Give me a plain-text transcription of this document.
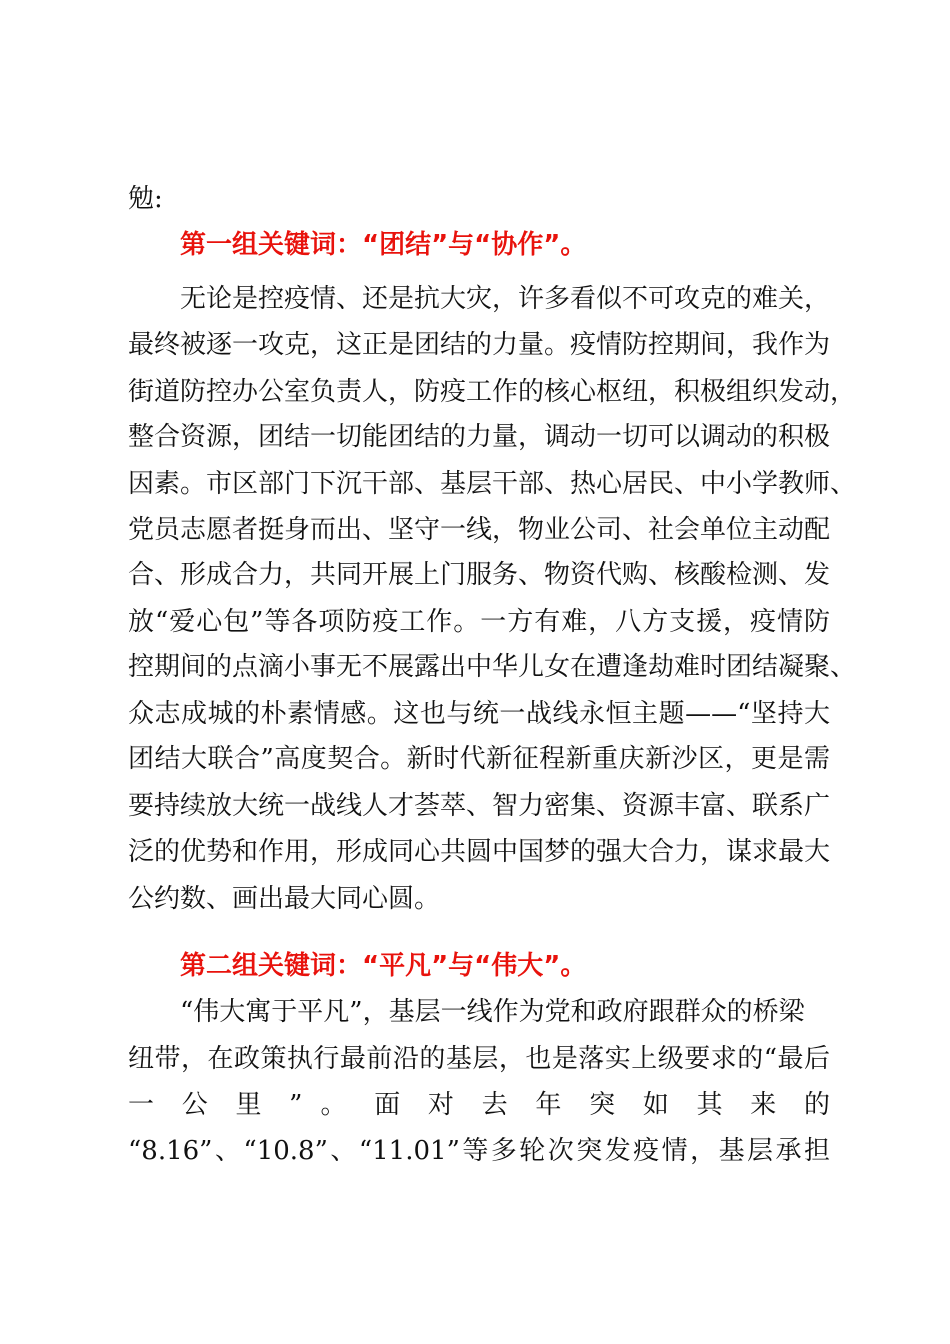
勉:
第一组关键词：“团结”与“协作”。
无论是控疫情、还是抗大灾，许多看似不可攻克的难关，
最终被逐一攻克，这正是团结的力量。疫情防控期间，我作为
街道防控办公室负责人，防疫工作的核心枢纽，积极组织发动，
整合资源，团结一切能团结的力量，调动一切可以调动的积极
因素。市区部门下沉干部、基层干部、热心居民、中小学教师、
党员志愿者挺身而出、坚守一线，物业公司、社会单位主动配
合、形成合力，共同开展上门服务、物资代购、核酸检测、发
放“爱心包”等各项防疫工作。一方有难，八方支援，疫情防
控期间的点滴小事无不展露出中华儿女在遭逢劫难时团结凝聚、
众志成城的朴素情感。这也与统一战线永恒主题——“坚持大
团结大联合”高度契合。新时代新征程新重庆新沙区，更是需
要持续放大统一战线人才荟萃、智力密集、资源丰富、联系广
泛的优势和作用，形成同心共圆中国梦的强大合力，谋求最大
公约数、画出最大同心圆。
第二组关键词：“平凡”与“伟大”。
“伟大寓于平凡”，基层一线作为党和政府跟群众的桥梁
纽带，在政策执行最前沿的基层，也是落实上级要求的“最后
一 公 里 ” 。 面 对 去 年 突 如 其 来 的
“8.16”、“10.8”、“11.01”等多轮次突发疫情，基层承担
